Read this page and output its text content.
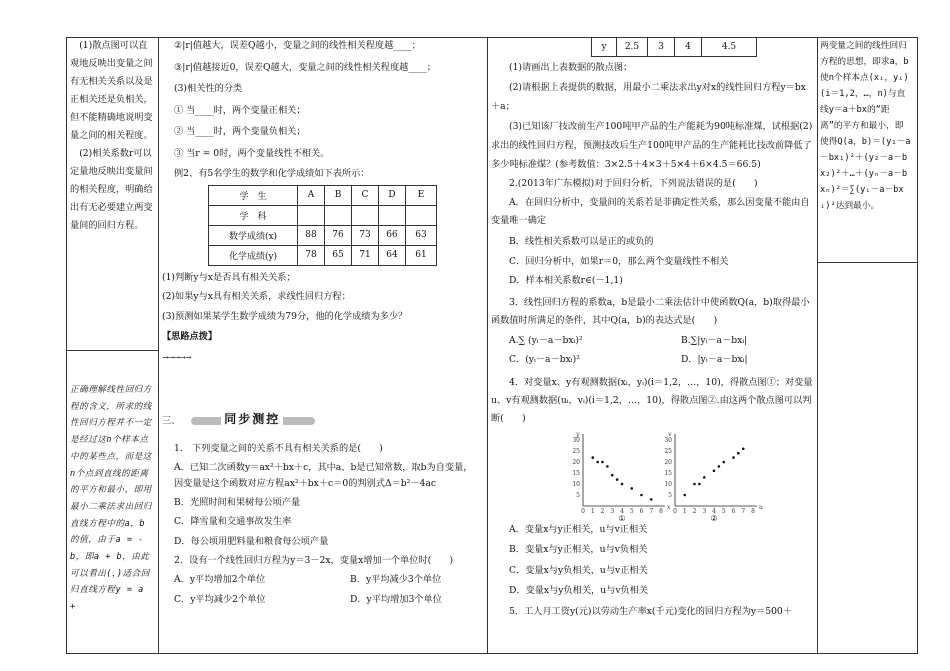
(1)散点图可以直观地反映出变量之间有无相关关系以及是正相关还是负相关，但不能精确地说明变量之间的相关程度。

(2)相关系数r可以定量地反映出变量间的相关程度，明确给出有无必要建立两变量间的回归方程。

正确理解线性回归方程的含义，所求的线性回归方程并不一定是经过这n个样本点中的某些点，而是这n个点到直线的距离的平方和最小，即用最小二乘法求出回归直线方程中的a，b的值，由于a = -b，即a + b，由此可以看出(，)适合回归直线方程y = a +

②|r|值越大，误差Q越小，变量之间的线性相关程度越____；

③|r|值越接近0，误差Q越大，变量之间的线性相关程度越____；

(3)相关性的分类

① 当____时，两个变量正相关；

② 当____时，两个变量负相关；

③ 当r = 0时，两个变量线性不相关。

例2、有5名学生的数学和化学成绩如下表所示：

学　生	A	B	C	D	E
学　科					
数学成绩(x)	88	76	73	66	63
化学成绩(y)	78	65	71	64	61

(1)判断y与x是否具有相关关系；

(2)如果y与x具有相关关系，求线性回归方程；

(3)预测如果某学生数学成绩为79分，他的化学成绩为多少？

【思路点拨】

→→→→→

三、	同步测控

1.　下列变量之间的关系不具有相关关系的是(　　)

A．已知二次函数y＝ax²＋bx＋c，其中a、b是已知常数，取b为自变量，因变量是这个函数对应方程ax²＋bx＋c＝0的判别式Δ＝b²－4ac

B．光照时间和果树每公顷产量

C．降雪量和交通事故发生率

D．每公顷用肥料量和粮食每公顷产量

2．设有一个线性回归方程为y＝3－2x，变量x增加一个单位时(　　)

A．y平均增加2个单位	B．y平均减少3个单位
C．y平均减少2个单位	D．y平均增加3个单位
y	2.5	3	4	4.5

(1)请画出上表数据的散点图；

(2)请根据上表提供的数据，用最小二乘法求出y对x的线性回归方程y＝bx＋a；

(3)已知该厂技改前生产100吨甲产品的生产能耗为90吨标准煤，试根据(2)求出的线性回归方程，预测技改后生产100吨甲产品的生产能耗比技改前降低了多少吨标准煤？(参考数值：3×2.5＋4×3＋5×4＋6×4.5＝66.5)

2.(2013年广东模拟)对于回归分析，下列说法错误的是(　　)

A．在回归分析中，变量间的关系若是非确定性关系，那么因变量不能由自变量唯一确定

B．线性相关系数可以是正的或负的

C．回归分析中，如果r＝0，那么两个变量线性不相关

D．样本相关系数r∈(－1,1)

3．线性回归方程的系数a，b是最小二乘法估计中使函数Q(a，b)取得最小函数值时所满足的条件，其中Q(a，b)的表达式是(　　)

A.∑ (yᵢ－a－bxᵢ)²	B.∑|yᵢ－a－bxᵢ|
C．(yᵢ－a－bxᵢ)²	D．|yᵢ－a－bxᵢ|

4．对变量x、y有观测数据(xᵢ，yᵢ)(i＝1,2，…，10)，得散点图①；对变量u、v有观测数据(uᵢ，vᵢ)(i＝1,2，…，10)，得散点图②.由这两个散点图可以判断(　　)

5
10
15
20
25
30
0 1 2 3 4 5 6 7 8
x
y
①
5
10
15
20
25
30
0 1 2 3 4 5 6 7 8
u
v
②

A．变量x与y正相关，u与v正相关

B．变量x与y正相关，u与v负相关

C．变量x与y负相关，u与v正相关

D．变量x与y负相关，u与v负相关

5．工人月工资y(元)以劳动生产率x(千元)变化的回归方程为y＝500＋

两变量之间的线性回归方程的思想，即求a，b使n个样本点(xᵢ，yᵢ)(i＝1,2，…，n)与直线y＝a＋bx的“距离”的平方和最小，即使得Q(a，b)＝(y₁－a－bx₁)²＋(y₂－a－bx₂)²＋…＋(yₙ－a－bxₙ)²＝∑(yᵢ－a－bxᵢ)²达到最小。
